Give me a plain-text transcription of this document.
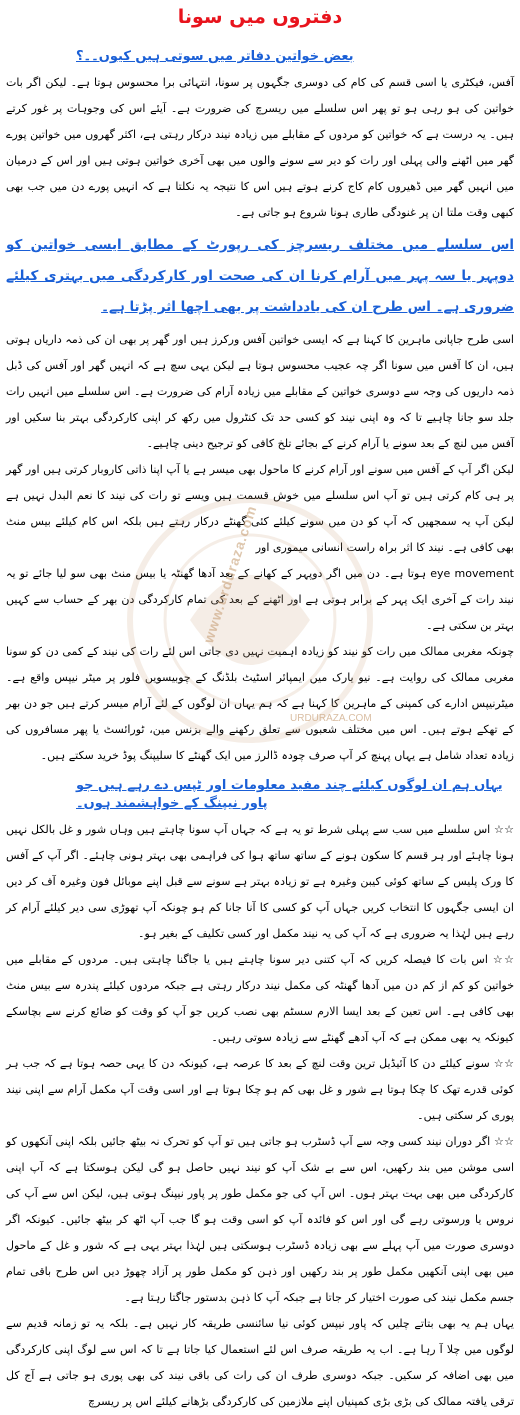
دفتروں میں سونا
بعض خواتین دفاتر میں سوتی ہیں کیوں۔۔؟

آفس، فیکٹری یا اسی قسم کی کام کی دوسری جگہوں پر سونا، انتہائی برا محسوس ہوتا ہے۔ لیکن اگر بات خواتین کی ہو رہی ہو تو پھر اس سلسلے میں ریسرچ کی ضرورت ہے۔ آیئے اس کی وجوہات پر غور کرتے ہیں۔ یہ درست ہے کہ خواتین کو مردوں کے مقابلے میں زیادہ نیند درکار رہتی ہے، اکثر گھروں میں خواتین پورے گھر میں اٹھنے والی پہلی اور رات کو دیر سے سونے والوں میں بھی آخری خواتین ہوتی ہیں اور اس کے درمیان میں انہیں گھر میں ڈھیروں کام کاج کرنے ہوتے ہیں اس کا نتیجہ یہ نکلتا ہے کہ انہیں پورے دن میں جب بھی کبھی وقت ملتا ان پر غنودگی طاری ہونا شروع ہو جاتی ہے۔

اس سلسلے میں مختلف ریسرچز کی رپورٹ کے مطابق ایسی خواتین کو دوپہر یا سہ پہر میں آرام کرنا ان کی صحت اور کارکردگی میں بہتری کیلئے ضروری ہے۔ اس طرح ان کی یادداشت پر بھی اچھا اثر پڑتا ہے۔

اسی طرح جاپانی ماہرین کا کہنا ہے کہ ایسی خواتین آفس ورکرز ہیں اور گھر پر بھی ان کی ذمہ داریاں ہوتی ہیں، ان کا آفس میں سونا اگر چہ عجیب محسوس ہوتا ہے لیکن یہی سچ ہے کہ انہیں گھر اور آفس کی ڈبل ذمہ داریوں کی وجہ سے دوسری خواتین کے مقابلے میں زیادہ آرام کی ضرورت ہے۔ اس سلسلے میں انہیں رات جلد سو جانا چاہیے تا کہ وہ اپنی نیند کو کسی حد تک کنٹرول میں رکھ کر اپنی کارکردگی بہتر بنا سکیں اور آفس میں لنچ کے بعد سونے یا آرام کرنے کے بجائے تلخ کافی کو ترجیح دینی چاہیے۔

لیکن اگر آپ کے آفس میں سونے اور آرام کرنے کا ماحول بھی میسر ہے یا آپ اپنا ذاتی کاروبار کرتی ہیں اور گھر پر ہی کام کرتی ہیں تو آپ اس سلسلے میں خوش قسمت ہیں ویسے تو رات کی نیند کا نعم البدل نہیں ہے لیکن آپ یہ سمجھیں کہ آپ کو دن میں سونے کیلئے کئی گھنٹے درکار رہتے ہیں بلکہ اس کام کیلئے بیس منٹ بھی کافی ہے۔ نیند کا اثر براہ راست انسانی میموری اور

eye movement ہوتا ہے۔ دن میں اگر دوپہر کے کھانے کے بعد آدھا گھنٹہ یا بیس منٹ بھی سو لیا جائے تو یہ نیند رات کے آخری ایک پہر کے برابر ہوتی ہے اور اٹھنے کے بعد کی تمام کارکردگی دن بھر کے حساب سے کہیں بہتر بن سکتی ہے۔

چونکہ مغربی ممالک میں رات کو نیند کو زیادہ اہمیت نہیں دی جاتی اس لئے رات کی نیند کے کمی دن کو سونا مغربی ممالک کی روایت ہے۔ نیو یارک میں ایمپائر اسٹیٹ بلڈنگ کے چوبیسویں فلور پر میٹر نیپس واقع ہے۔ میٹرنیپس ادارے کی کمپنی کے ماہرین کا کہنا ہے کہ ہم یہاں ان لوگوں کے لئے آرام میسر کرتے ہیں جو دن بھر کے تھکے ہوتے ہیں۔ اس میں مختلف شعبوں سے تعلق رکھنے والے بزنس مین، ٹورائسٹ یا پھر مسافروں کی زیادہ تعداد شامل ہے یہاں پہنچ کر آپ صرف چودہ ڈالرز میں ایک گھنٹے کا سلیپنگ پوڈ خرید سکتے ہیں۔

یہاں ہم ان لوگوں کیلئے چند مفید معلومات اور ٹپس دے رہے ہیں جو پاور نیپنگ کے خواہشمند ہوں۔

☆☆ اس سلسلے میں سب سے پہلی شرط تو یہ ہے کہ جہاں آپ سونا چاہتے ہیں وہاں شور و غل بالکل نہیں ہونا چاہئے اور ہر قسم کا سکون ہونے کے ساتھ ساتھ ہوا کی فراہمی بھی بہتر ہونی چاہئے۔ اگر آپ کے آفس کا ورک پلیس کے ساتھ کوئی کیبن وغیرہ ہے تو زیادہ بہتر ہے سونے سے قبل اپنے موبائل فون وغیرہ آف کر دیں ان ایسی جگہوں کا انتخاب کریں جہاں آپ کو کسی کا آنا جانا کم ہو چونکہ آپ تھوڑی سی دیر کیلئے آرام کر رہے ہیں لہٰذا یہ ضروری ہے کہ آپ کی یہ نیند مکمل اور کسی تکلیف کے بغیر ہو۔

☆☆ اس بات کا فیصلہ کریں کہ آپ کتنی دیر سونا چاہتے ہیں یا جاگنا چاہتی ہیں۔ مردوں کے مقابلے میں خواتین کو کم از کم دن میں آدھا گھنٹہ کی مکمل نیند درکار رہتی ہے جبکہ مردوں کیلئے پندرہ سے بیس منٹ بھی کافی ہے۔ اس تعین کے بعد ایسا الارم سسٹم بھی نصب کریں جو آپ کو وقت کو ضائع کرنے سے بچاسکے کیونکہ یہ بھی ممکن ہے کہ آپ آدھے گھنٹے سے زیادہ سوتی رہیں۔

☆☆ سونے کیلئے دن کا آئیڈیل ترین وقت لنچ کے بعد کا عرصہ ہے، کیونکہ دن کا یہی حصہ ہوتا ہے کہ جب ہر کوئی قدرے تھک کا چکا ہوتا ہے شور و غل بھی کم ہو چکا ہوتا ہے اور اسی وقت آپ مکمل آرام سے اپنی نیند پوری کر سکتی ہیں۔

☆☆ اگر دوران نیند کسی وجہ سے آپ ڈسٹرب ہو جاتی ہیں تو آپ کو تحرک نہ بیٹھ جائیں بلکہ اپنی آنکھوں کو اسی موشن میں بند رکھیں، اس سے بے شک آپ کو نیند نہیں حاصل ہو گی لیکن ہوسکتا ہے کہ آپ اپنی کارکردگی میں بھی بہت بہتر ہوں۔ اس آپ کی جو مکمل طور پر پاور نیپنگ ہوتی ہیں، لیکن اس سے آپ کی نروس یا ورسوتی رہے گی اور اس کو فائدہ آپ کو اسی وقت ہو گا جب آپ اٹھ کر بیٹھ جائیں۔ کیونکہ اگر دوسری صورت میں آپ پہلے سے بھی زیادہ ڈسٹرب ہوسکتی ہیں لہٰذا بہتر یہی ہے کہ شور و غل کے ماحول میں بھی اپنی آنکھیں مکمل طور پر بند رکھیں اور ذہن کو مکمل طور پر آزاد چھوڑ دیں اس طرح باقی تمام جسم مکمل نیند کی صورت اختیار کر جاتا ہے جبکہ آپ کا ذہن بدستور جاگتا رہتا ہے۔

یہاں ہم یہ بھی بتاتے چلیں کہ پاور نیپس کوئی نیا سائنسی طریقہ کار نہیں ہے۔ بلکہ یہ تو زمانہ قدیم سے لوگوں میں چلا آ رہا ہے۔ اب یہ طریقہ صرف اس لئے استعمال کیا جاتا ہے تا کہ اس سے لوگ اپنی کارکردگی میں بھی اضافہ کر سکیں۔ جبکہ دوسری طرف ان کی رات کی باقی نیند کی بھی پوری ہو جاتی ہے آج کل ترقی یافتہ ممالک کی بڑی بڑی کمپنیاں اپنے ملازمین کی کارکردگی بڑھانے کیلئے اس پر ریسرچ

www.urduraza.com
URDURAZA.COM
